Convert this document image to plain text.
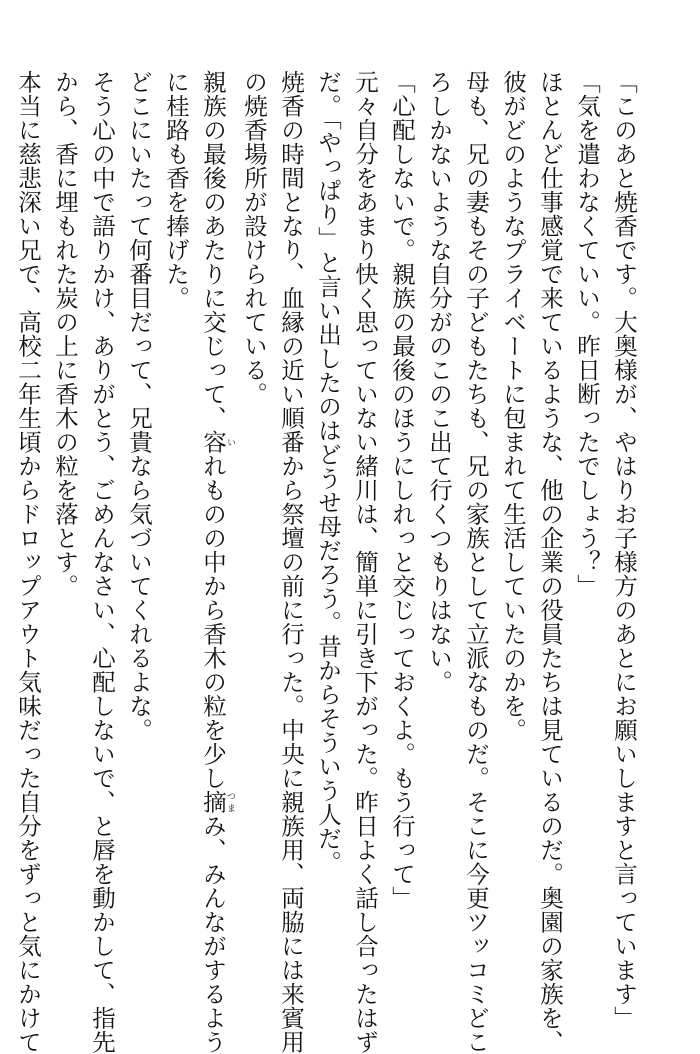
「このあと焼香です。大奥様が、やはりお子様方のあとにお願いしますと言っています」
「気を遣わなくていい。昨日断ったでしょう？」
ほとんど仕事感覚で来ているような、他の企業の役員たちは見ているのだ。奥園の家族を、
彼がどのようなプライベートに包まれて生活していたのかを。
母も、兄の妻もその子どもたちも、兄の家族として立派なものだ。そこに今更ツッコミどこ
ろしかないような自分がのこのこ出て行くつもりはない。
「心配しないで。親族の最後のほうにしれっと交じっておくよ。もう行って」
元々自分をあまり快く思っていない緒川は、簡単に引き下がった。昨日よく話し合ったはず
だ。「やっぱり」と言い出したのはどうせ母だろう。昔からそういう人だ。
焼香の時間となり、血縁の近い順番から祭壇の前に行った。中央に親族用、両脇には来賓用
の焼香場所が設けられている。
親族の最後のあたりに交じって、容いれものの中から香木の粒を少し摘つまみ、みんながするよう
に桂路も香を捧げた。
どこにいたって何番目だって、兄貴なら気づいてくれるよな。
そう心の中で語りかけ、ありがとう、ごめんなさい、心配しないで、と唇を動かして、指先
から、香に埋もれた炭の上に香木の粒を落とす。
本当に慈悲深い兄で、高校二年生頃からドロップアウト気味だった自分をずっと気にかけて
